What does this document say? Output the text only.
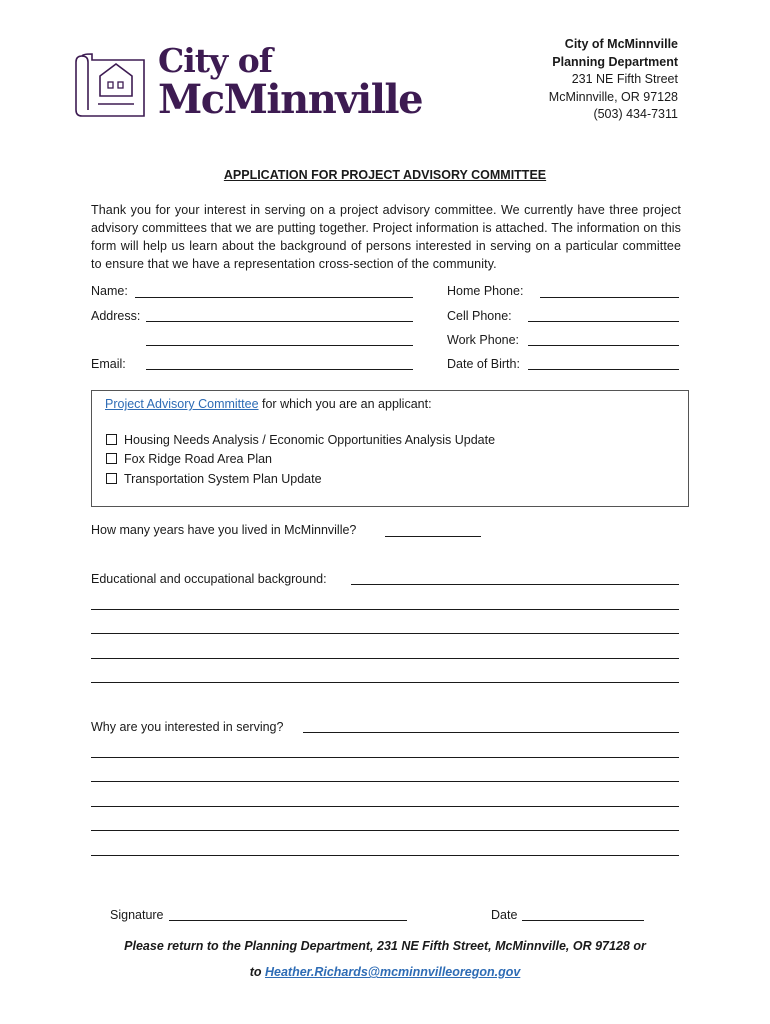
City of
McMinnville
City of McMinnville
Planning Department
231 NE Fifth Street
McMinnville, OR 97128
(503) 434-7311
APPLICATION FOR PROJECT ADVISORY COMMITTEE
Thank you for your interest in serving on a project advisory committee. We currently have three project advisory committees that we are putting together. Project information is attached. The information on this form will help us learn about the background of persons interested in serving on a particular committee to ensure that we have a representation cross-section of the community.
Name:
Address:
Email:
Home Phone:
Cell Phone:
Work Phone:
Date of Birth:
Project Advisory Committee for which you are an applicant:
Housing Needs Analysis / Economic Opportunities Analysis Update
Fox Ridge Road Area Plan
Transportation System Plan Update
How many years have you lived in McMinnville?
Educational and occupational background:
Why are you interested in serving?
Signature	Date
Please return to the Planning Department, 231 NE Fifth Street, McMinnville, OR 97128 or
to Heather.Richards@mcminnvilleoregon.gov
